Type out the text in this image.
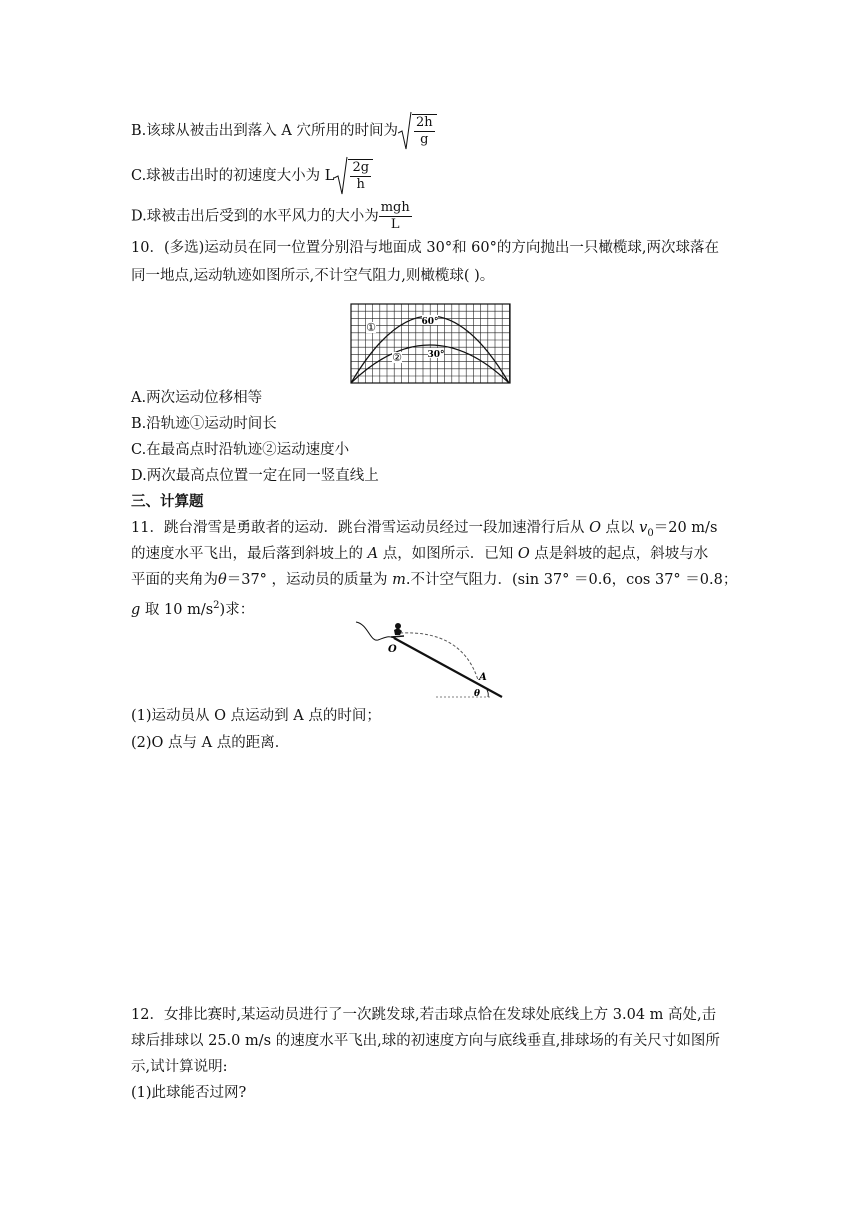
B.该球从被击出到落入 A 穴所用的时间为 $\frac{2h}{g}$
C.球被击出时的初速度大小为 L $\frac{2g}{h}$
D.球被击出后受到的水平风力的大小为 $\frac{\text{mgh}}{L}$
10．(多选)运动员在同一位置分别沿与地面成 30°和 60°的方向抛出一只橄榄球,两次球落在
同一地点,运动轨迹如图所示,不计空气阻力,则橄榄球( )。
①
②
60°
30°
A.两次运动位移相等
B.沿轨迹①运动时间长
C.在最高点时沿轨迹②运动速度小
D.两次最高点位置一定在同一竖直线上
三、计算题
11．跳台滑雪是勇敢者的运动．跳台滑雪运动员经过一段加速滑行后从 O 点以 $v_0=20$ m/s
的速度水平飞出，最后落到斜坡上的 A 点，如图所示．已知 O 点是斜坡的起点，斜坡与水
平面的夹角为θ＝37° ，运动员的质量为 m.不计空气阻力．(sin 37° ＝0.6，cos 37° ＝0.8；
g 取 10 $m/s^2$)求：
O
A
θ
(1)运动员从 O 点运动到 A 点的时间；
(2)O 点与 A 点的距离．
12．女排比赛时,某运动员进行了一次跳发球,若击球点恰在发球处底线上方 3.04 m 高处,击
球后排球以 25.0 m/s 的速度水平飞出,球的初速度方向与底线垂直,排球场的有关尺寸如图所
示,试计算说明:
(1)此球能否过网?
